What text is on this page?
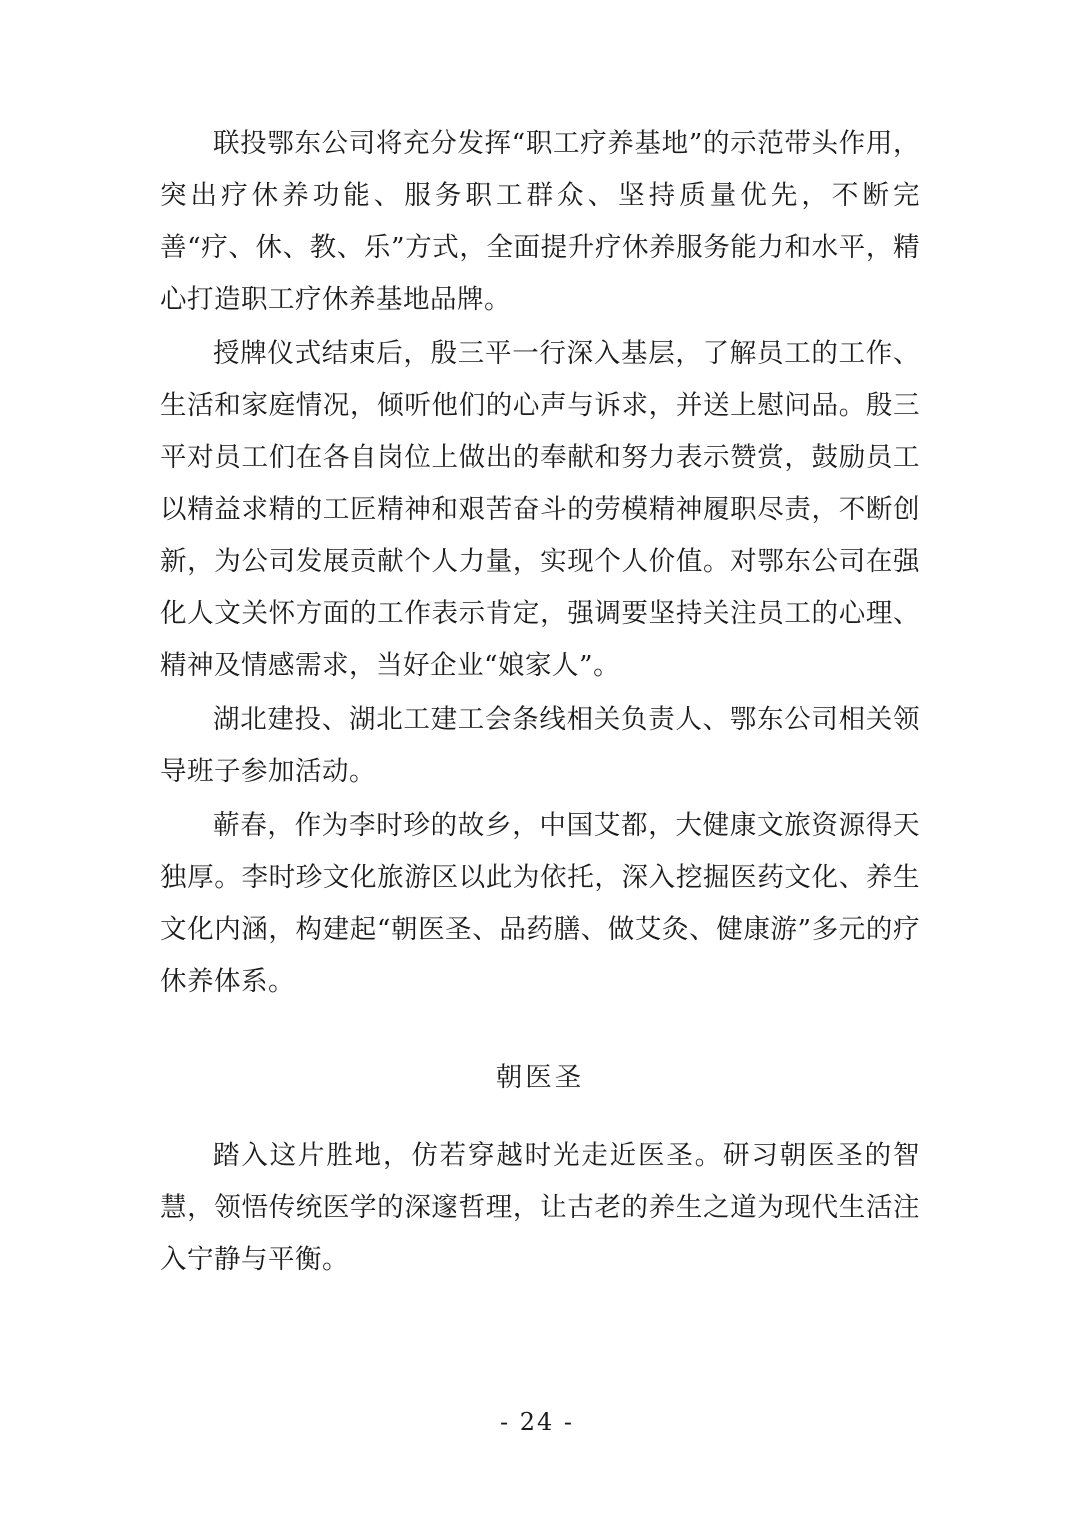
联投鄂东公司将充分发挥“职工疗养基地”的示范带头作用，突出疗休养功能、服务职工群众、坚持质量优先，不断完善“疗、休、教、乐”方式，全面提升疗休养服务能力和水平，精心打造职工疗休养基地品牌。

授牌仪式结束后，殷三平一行深入基层，了解员工的工作、生活和家庭情况，倾听他们的心声与诉求，并送上慰问品。殷三平对员工们在各自岗位上做出的奉献和努力表示赞赏，鼓励员工以精益求精的工匠精神和艰苦奋斗的劳模精神履职尽责，不断创新，为公司发展贡献个人力量，实现个人价值。对鄂东公司在强化人文关怀方面的工作表示肯定，强调要坚持关注员工的心理、精神及情感需求，当好企业“娘家人”。

湖北建投、湖北工建工会条线相关负责人、鄂东公司相关领导班子参加活动。

蕲春，作为李时珍的故乡，中国艾都，大健康文旅资源得天独厚。李时珍文化旅游区以此为依托，深入挖掘医药文化、养生文化内涵，构建起“朝医圣、品药膳、做艾灸、健康游”多元的疗休养体系。

朝医圣

踏入这片胜地，仿若穿越时光走近医圣。研习朝医圣的智慧，领悟传统医学的深邃哲理，让古老的养生之道为现代生活注入宁静与平衡。

- 24 -
